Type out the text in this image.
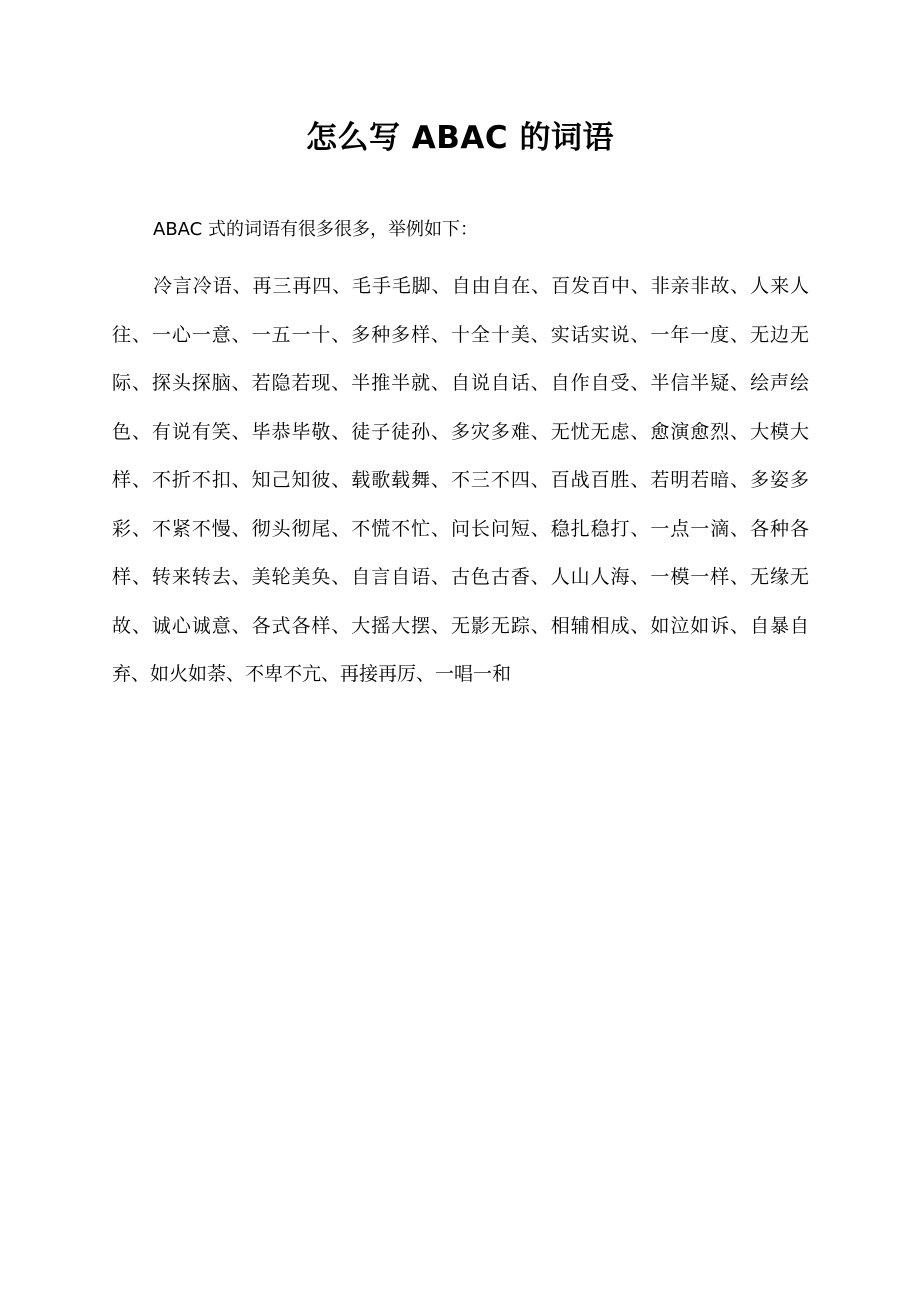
怎么写 ABAC 的词语

ABAC 式的词语有很多很多，举例如下：

冷言冷语、再三再四、毛手毛脚、自由自在、百发百中、非亲非故、人来人往、一心一意、一五一十、多种多样、十全十美、实话实说、一年一度、无边无际、探头探脑、若隐若现、半推半就、自说自话、自作自受、半信半疑、绘声绘色、有说有笑、毕恭毕敬、徒子徒孙、多灾多难、无忧无虑、愈演愈烈、大模大样、不折不扣、知己知彼、载歌载舞、不三不四、百战百胜、若明若暗、多姿多彩、不紧不慢、彻头彻尾、不慌不忙、问长问短、稳扎稳打、一点一滴、各种各样、转来转去、美轮美奂、自言自语、古色古香、人山人海、一模一样、无缘无故、诚心诚意、各式各样、大摇大摆、无影无踪、相辅相成、如泣如诉、自暴自弃、如火如荼、不卑不亢、再接再厉、一唱一和
